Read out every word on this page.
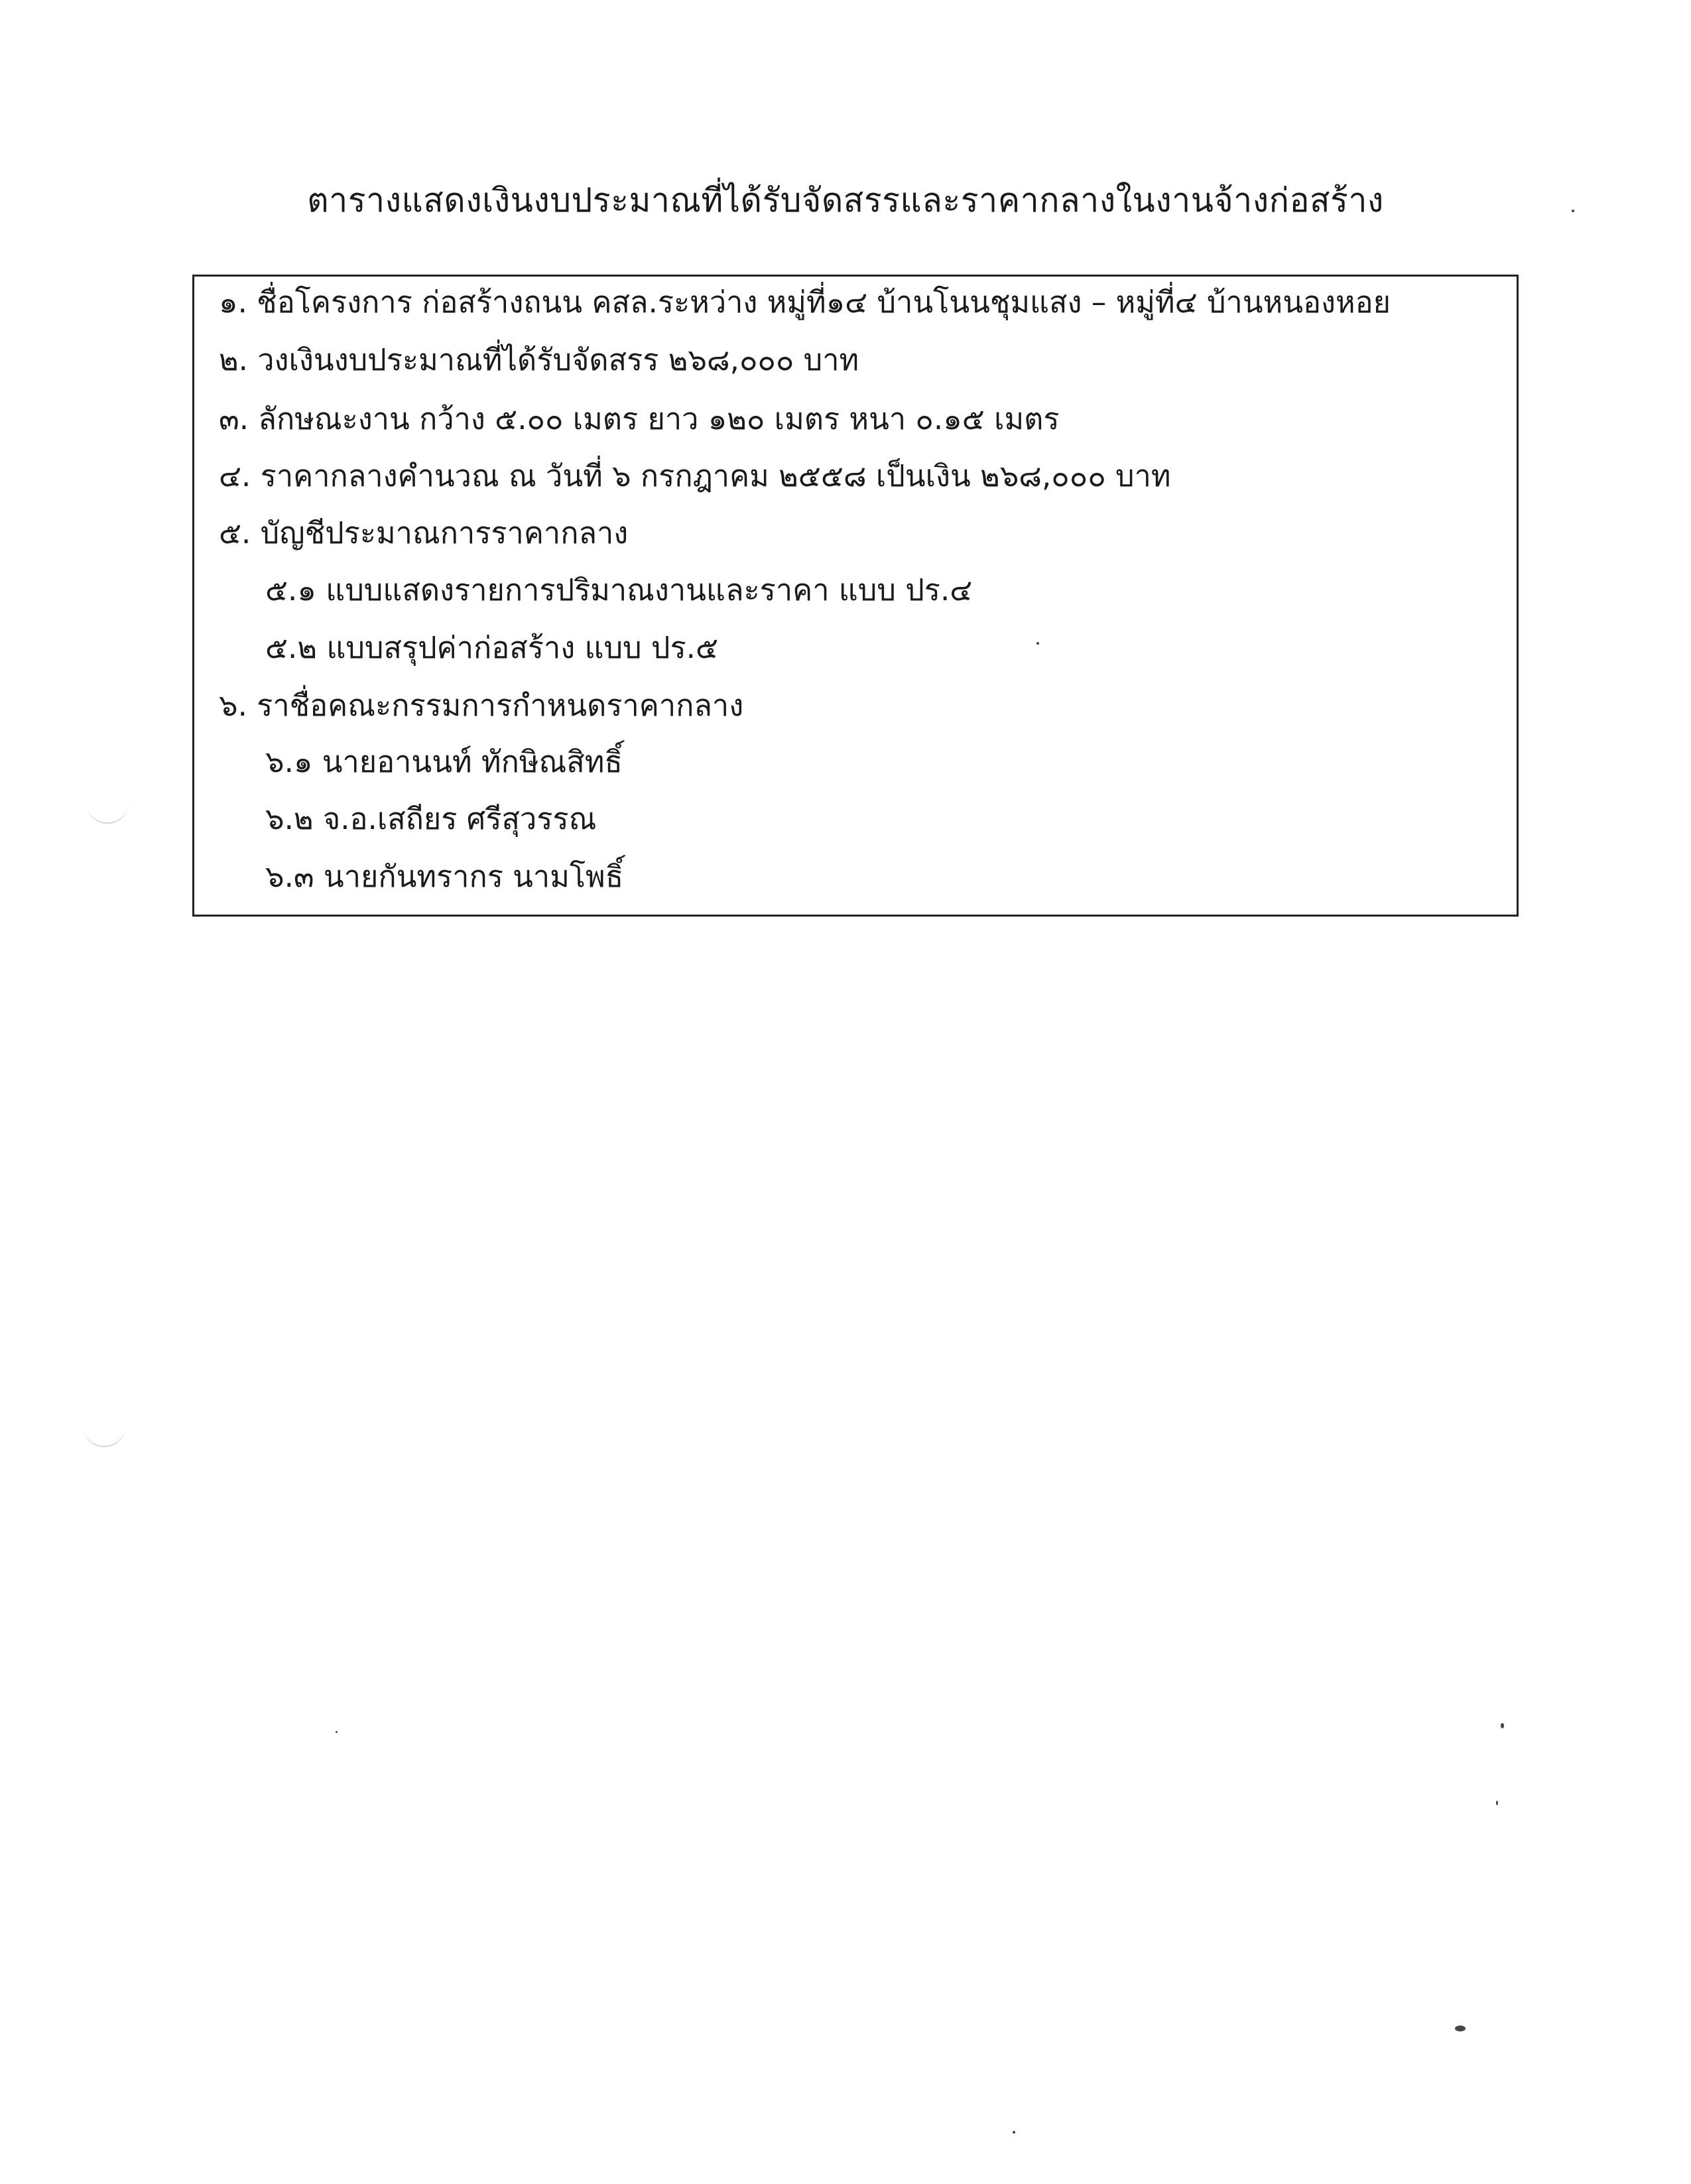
ตารางแสดงเงินงบประมาณที่ได้รับจัดสรรและราคากลางในงานจ้างก่อสร้าง
๑. ชื่อโครงการ ก่อสร้างถนน คสล.ระหว่าง หมู่ที่๑๔ บ้านโนนชุมแสง – หมู่ที่๔ บ้านหนองหอย
๒. วงเงินงบประมาณที่ได้รับจัดสรร ๒๖๘,๐๐๐ บาท
๓. ลักษณะงาน กว้าง ๕.๐๐ เมตร ยาว ๑๒๐ เมตร หนา ๐.๑๕ เมตร
๔. ราคากลางคำนวณ ณ วันที่ ๖ กรกฎาคม ๒๕๕๘ เป็นเงิน ๒๖๘,๐๐๐ บาท
๕. บัญชีประมาณการราคากลาง
๕.๑ แบบแสดงรายการปริมาณงานและราคา แบบ ปร.๔
๕.๒ แบบสรุปค่าก่อสร้าง แบบ ปร.๕
๖. ราชื่อคณะกรรมการกำหนดราคากลาง
๖.๑ นายอานนท์ ทักษิณสิทธิ์
๖.๒ จ.อ.เสถียร ศรีสุวรรณ
๖.๓ นายกันทรากร นามโพธิ์
